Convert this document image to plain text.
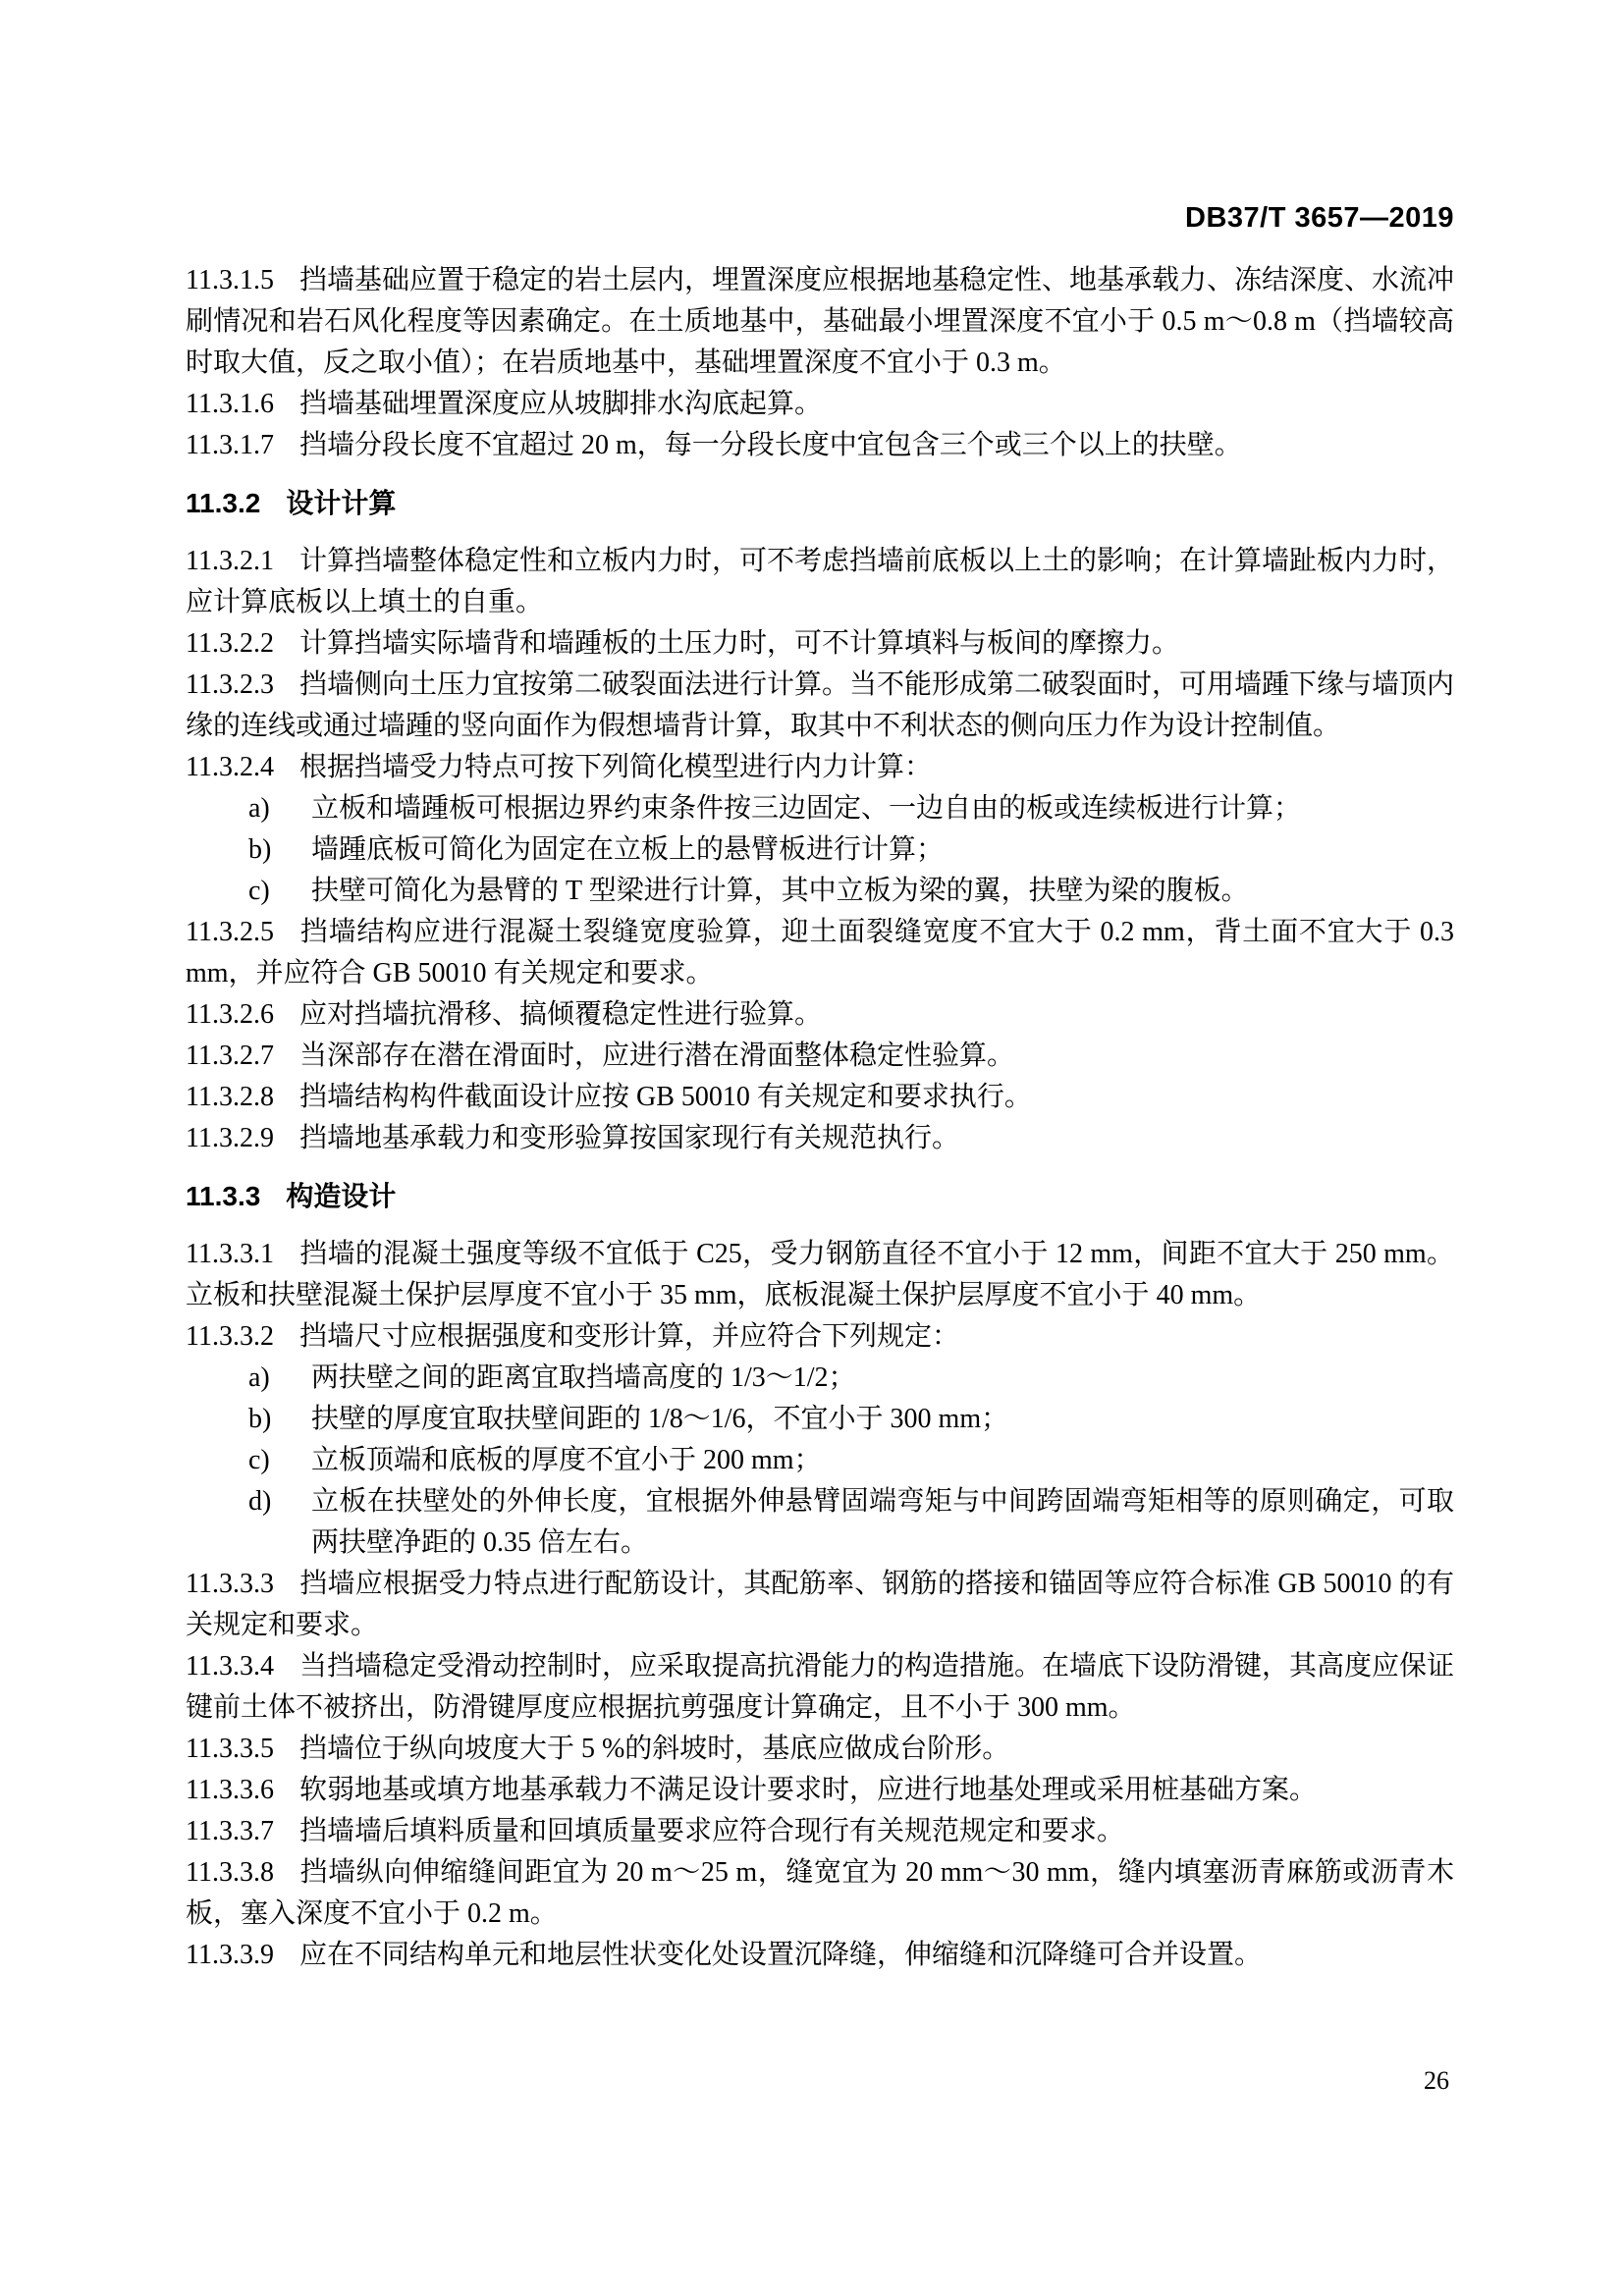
DB37/T 3657—2019

11.3.1.5 挡墙基础应置于稳定的岩土层内，埋置深度应根据地基稳定性、地基承载力、冻结深度、水流冲刷情况和岩石风化程度等因素确定。在土质地基中，基础最小埋置深度不宜小于 0.5 m～0.8 m（挡墙较高时取大值，反之取小值）；在岩质地基中，基础埋置深度不宜小于 0.3 m。

11.3.1.6 挡墙基础埋置深度应从坡脚排水沟底起算。

11.3.1.7 挡墙分段长度不宜超过 20 m，每一分段长度中宜包含三个或三个以上的扶壁。

11.3.2 设计计算

11.3.2.1 计算挡墙整体稳定性和立板内力时，可不考虑挡墙前底板以上土的影响；在计算墙趾板内力时，应计算底板以上填土的自重。

11.3.2.2 计算挡墙实际墙背和墙踵板的土压力时，可不计算填料与板间的摩擦力。

11.3.2.3 挡墙侧向土压力宜按第二破裂面法进行计算。当不能形成第二破裂面时，可用墙踵下缘与墙顶内缘的连线或通过墙踵的竖向面作为假想墙背计算，取其中不利状态的侧向压力作为设计控制值。

11.3.2.4 根据挡墙受力特点可按下列简化模型进行内力计算：

a)	立板和墙踵板可根据边界约束条件按三边固定、一边自由的板或连续板进行计算；
b)	墙踵底板可简化为固定在立板上的悬臂板进行计算；
c)	扶壁可简化为悬臂的 T 型梁进行计算，其中立板为梁的翼，扶壁为梁的腹板。

11.3.2.5 挡墙结构应进行混凝土裂缝宽度验算，迎土面裂缝宽度不宜大于 0.2 mm，背土面不宜大于 0.3 mm，并应符合 GB 50010 有关规定和要求。

11.3.2.6 应对挡墙抗滑移、搞倾覆稳定性进行验算。

11.3.2.7 当深部存在潜在滑面时，应进行潜在滑面整体稳定性验算。

11.3.2.8 挡墙结构构件截面设计应按 GB 50010 有关规定和要求执行。

11.3.2.9 挡墙地基承载力和变形验算按国家现行有关规范执行。

11.3.3 构造设计

11.3.3.1 挡墙的混凝土强度等级不宜低于 C25，受力钢筋直径不宜小于 12 mm，间距不宜大于 250 mm。立板和扶壁混凝土保护层厚度不宜小于 35 mm，底板混凝土保护层厚度不宜小于 40 mm。

11.3.3.2 挡墙尺寸应根据强度和变形计算，并应符合下列规定：

a)	两扶壁之间的距离宜取挡墙高度的 1/3～1/2；
b)	扶壁的厚度宜取扶壁间距的 1/8～1/6，不宜小于 300 mm；
c)	立板顶端和底板的厚度不宜小于 200 mm；
d)	立板在扶壁处的外伸长度，宜根据外伸悬臂固端弯矩与中间跨固端弯矩相等的原则确定，可取两扶壁净距的 0.35 倍左右。

11.3.3.3 挡墙应根据受力特点进行配筋设计，其配筋率、钢筋的搭接和锚固等应符合标准 GB 50010 的有关规定和要求。

11.3.3.4 当挡墙稳定受滑动控制时，应采取提高抗滑能力的构造措施。在墙底下设防滑键，其高度应保证键前土体不被挤出，防滑键厚度应根据抗剪强度计算确定，且不小于 300 mm。

11.3.3.5 挡墙位于纵向坡度大于 5 %的斜坡时，基底应做成台阶形。

11.3.3.6 软弱地基或填方地基承载力不满足设计要求时，应进行地基处理或采用桩基础方案。

11.3.3.7 挡墙墙后填料质量和回填质量要求应符合现行有关规范规定和要求。

11.3.3.8 挡墙纵向伸缩缝间距宜为 20 m～25 m，缝宽宜为 20 mm～30 mm，缝内填塞沥青麻筋或沥青木板，塞入深度不宜小于 0.2 m。

11.3.3.9 应在不同结构单元和地层性状变化处设置沉降缝，伸缩缝和沉降缝可合并设置。

26
